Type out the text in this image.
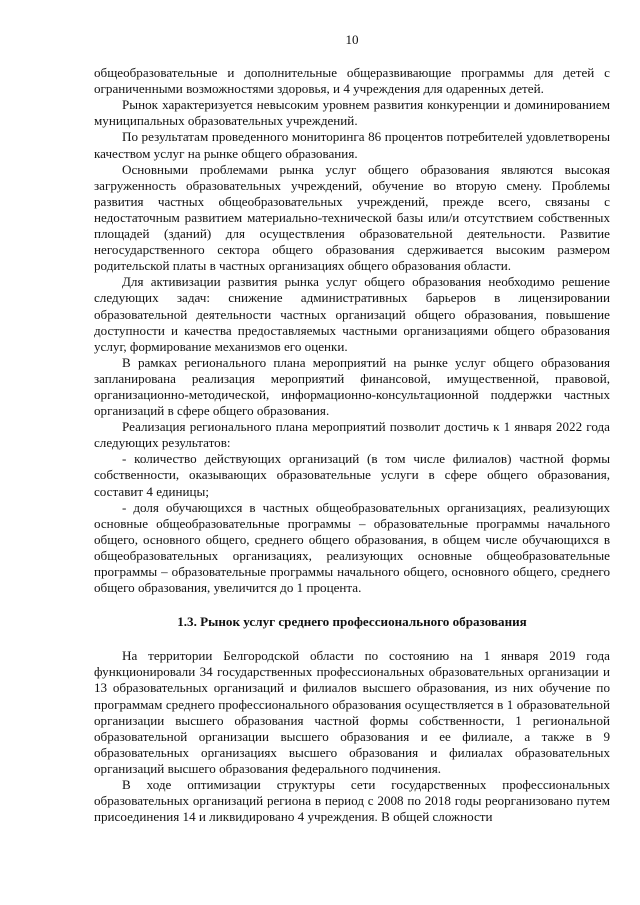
10

общеобразовательные и дополнительные общеразвивающие программы для детей с ограниченными возможностями здоровья, и 4 учреждения для одаренных детей.

Рынок характеризуется невысоким уровнем развития конкуренции и доминированием муниципальных образовательных учреждений.

По результатам проведенного мониторинга 86 процентов потребителей удовлетворены качеством услуг на рынке общего образования.

Основными проблемами рынка услуг общего образования являются высокая загруженность образовательных учреждений, обучение во вторую смену. Проблемы развития частных общеобразовательных учреждений, прежде всего, связаны с недостаточным развитием материально-технической базы или/и отсутствием собственных площадей (зданий) для осуществления образовательной деятельности. Развитие негосударственного сектора общего образования сдерживается высоким размером родительской платы в частных организациях общего образования области.

Для активизации развития рынка услуг общего образования необходимо решение следующих задач: снижение административных барьеров в лицензировании образовательной деятельности частных организаций общего образования, повышение доступности и качества предоставляемых частными организациями общего образования услуг, формирование механизмов его оценки.

В рамках регионального плана мероприятий на рынке услуг общего образования запланирована реализация мероприятий финансовой, имущественной, правовой, организационно-методической, информационно-консультационной поддержки частных организаций в сфере общего образования.

Реализация регионального плана мероприятий позволит достичь к 1 января 2022 года следующих результатов:

- количество действующих организаций (в том числе филиалов) частной формы собственности, оказывающих образовательные услуги в сфере общего образования, составит 4 единицы;

- доля обучающихся в частных общеобразовательных организациях, реализующих основные общеобразовательные программы – образовательные программы начального общего, основного общего, среднего общего образования, в общем числе обучающихся в общеобразовательных организациях, реализующих основные общеобразовательные программы – образовательные программы начального общего, основного общего, среднего общего образования, увеличится до 1 процента.

1.3. Рынок услуг среднего профессионального образования

На территории Белгородской области по состоянию на 1 января 2019 года функционировали 34 государственных профессиональных образовательных организации и 13 образовательных организаций и филиалов высшего образования, из них обучение по программам среднего профессионального образования осуществляется в 1 образовательной организации высшего образования частной формы собственности, 1 региональной образовательной организации высшего образования и ее филиале, а также в 9 образовательных организациях высшего образования и филиалах образовательных организаций высшего образования федерального подчинения.

В ходе оптимизации структуры сети государственных профессиональных образовательных организаций региона в период с 2008 по 2018 годы реорганизовано путем присоединения 14 и ликвидировано 4 учреждения. В общей сложности
